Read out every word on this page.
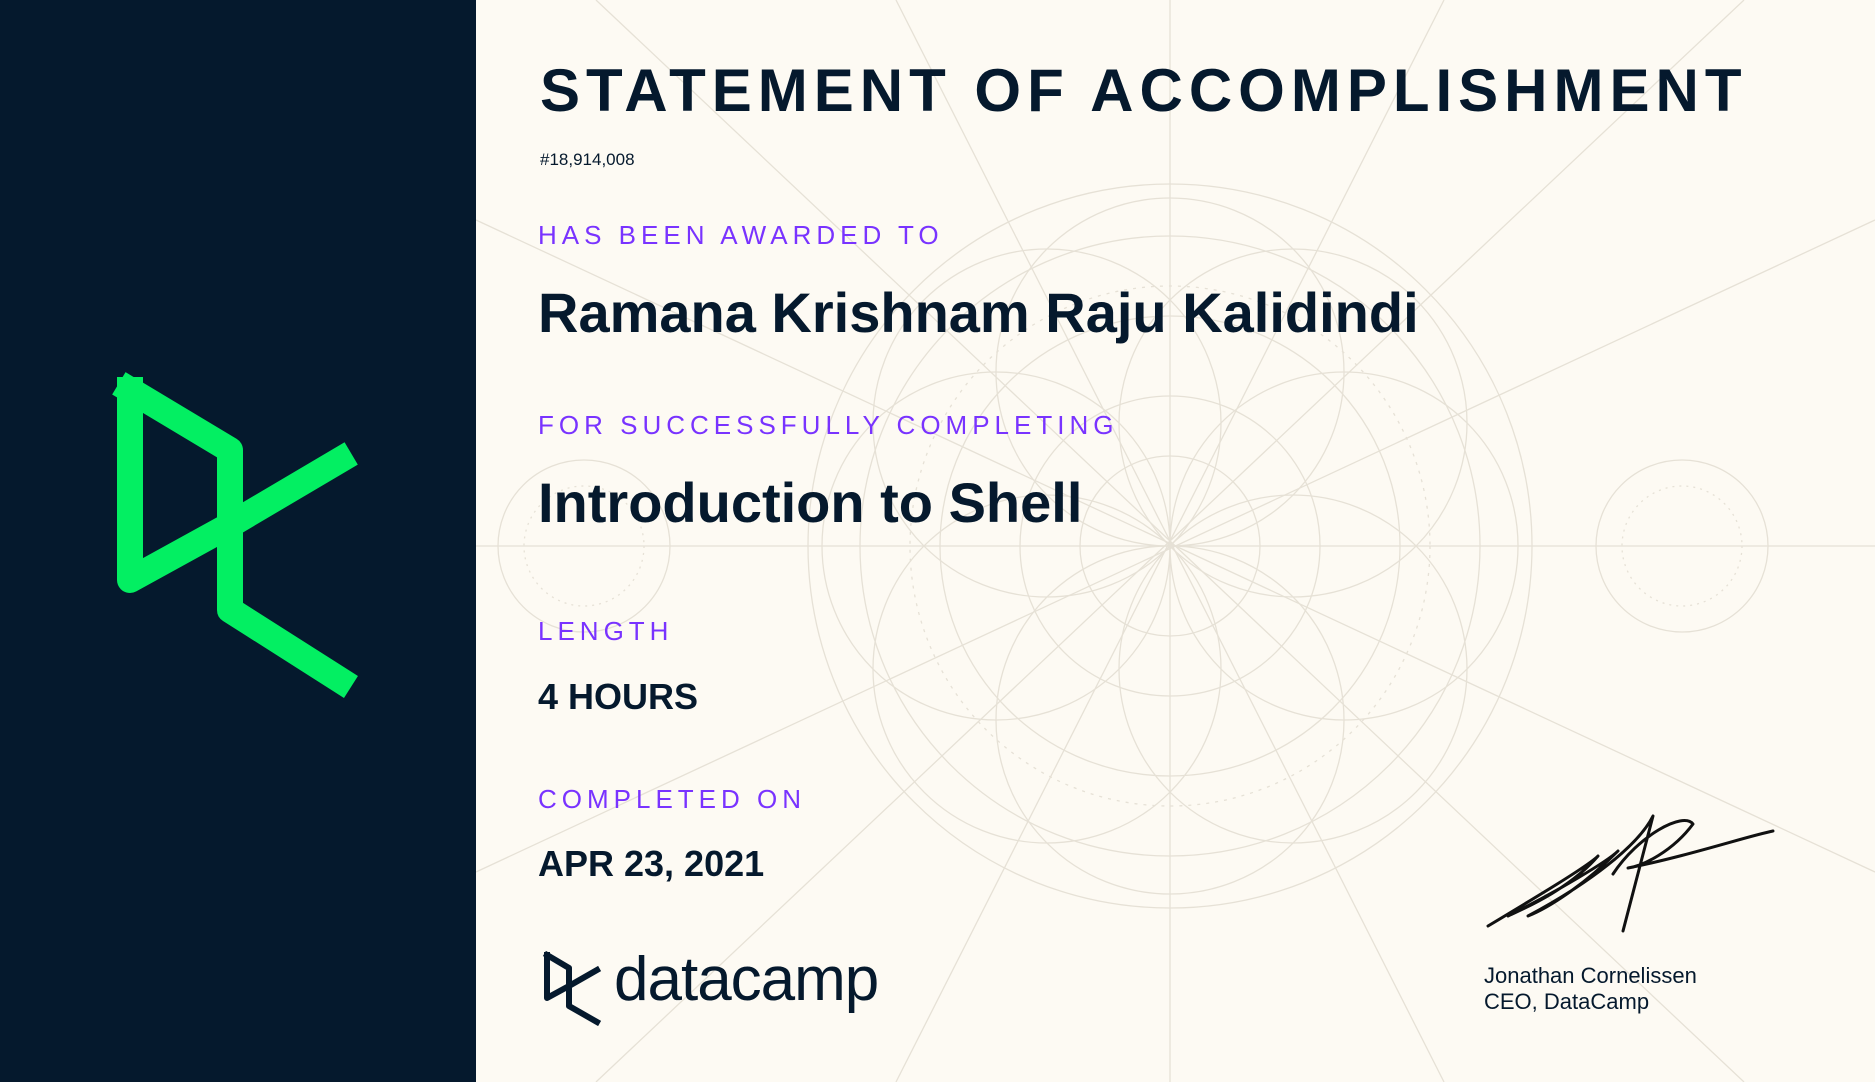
STATEMENT OF ACCOMPLISHMENT
#18,914,008
HAS BEEN AWARDED TO
Ramana Krishnam Raju Kalidindi
FOR SUCCESSFULLY COMPLETING
Introduction to Shell
LENGTH
4 HOURS
COMPLETED ON
APR 23, 2021
datacamp	Jonathan Cornelissen
CEO, DataCamp
